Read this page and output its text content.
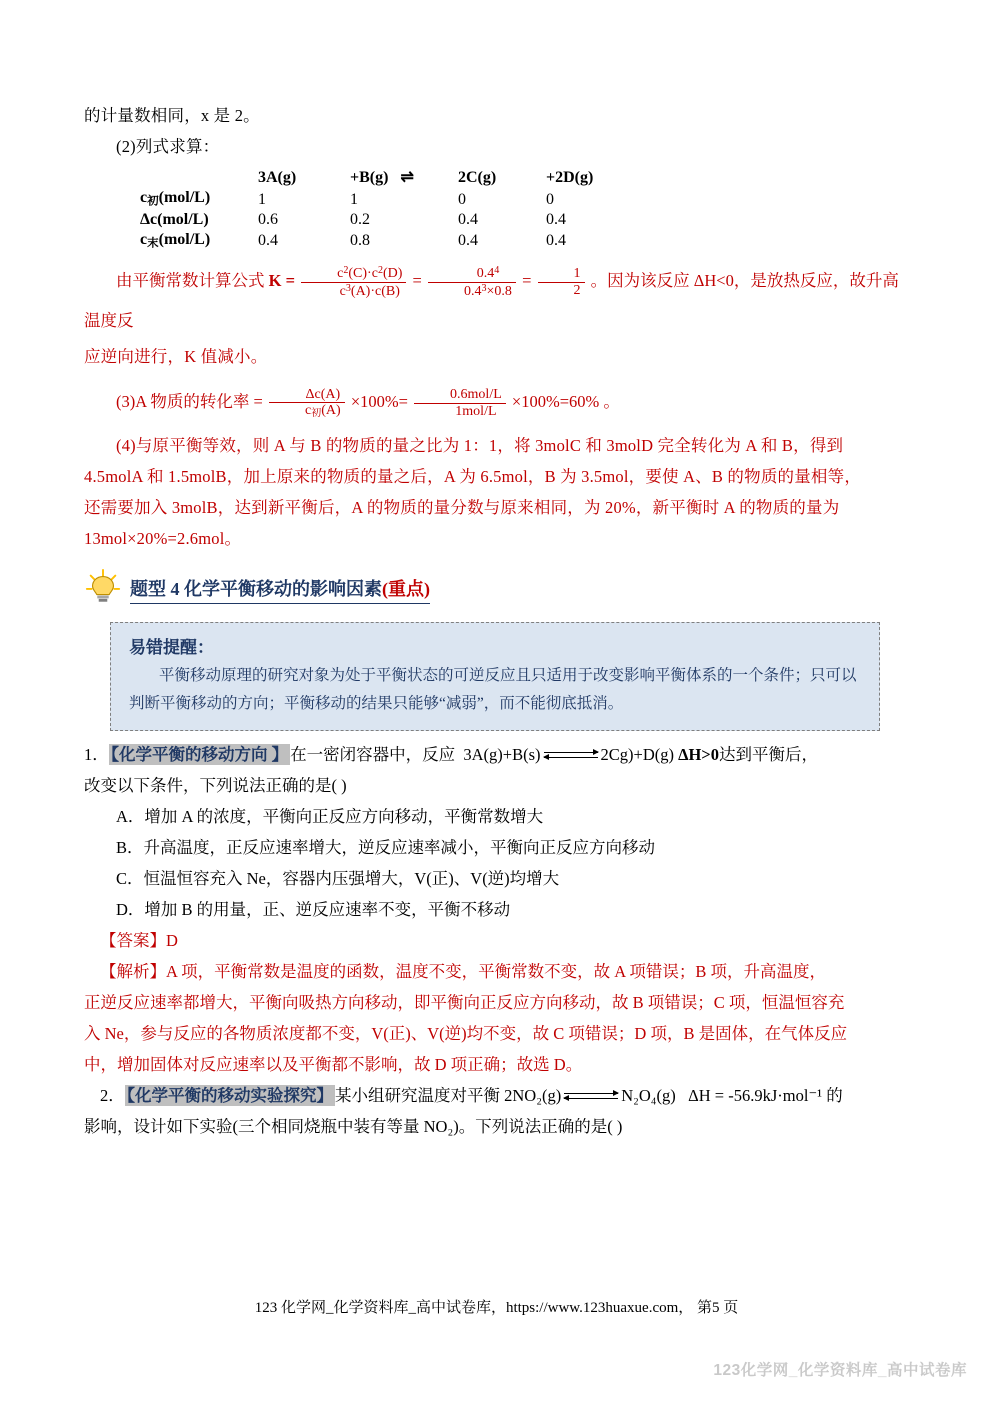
的计量数相同，x 是 2。

(2)列式求算：

	3A(g)	+B(g)   ⇌	2C(g)	+2D(g)
$c_初(mol/L)$	1	1	0	0
Δc(mol/L)	0.6	0.2	0.4	0.4
$c_末(mol/L)$	0.4	0.8	0.4	0.4

由平衡常数计算公式 $K = \frac{c^2(C)\cdot c^2(D)}{c^3(A)\cdot c(B)} = \frac{0.4^4}{0.4^3\times 0.8} = \frac{1}{2}$ 。因为该反应 ΔH<0，是放热反应，故升高温度反

应逆向进行，K 值减小。

(3)A 物质的转化率 = $\frac{\Delta c(A)}{c_初(A)} \times 100\%= \frac{\text{0.6mol/L}}{\text{1mol/L}} \times 100\%=60\%$ 。

(4)与原平衡等效，则 A 与 B 的物质的量之比为 1：1，将 3molC 和 3molD 完全转化为 A 和 B，得到

4.5molA 和 1.5molB，加上原来的物质的量之后，A 为 6.5mol，B 为 3.5mol，要使 A、B 的物质的量相等，

还需要加入 3molB，达到新平衡后，A 的物质的量分数与原来相同，为 20%，新平衡时 A 的物质的量为

13mol×20%=2.6mol。

题型 4 化学平衡移动的影响因素(重点)
易错提醒：
平衡移动原理的研究对象为处于平衡状态的可逆反应且只适用于改变影响平衡体系的一个条件；只可以判断平衡移动的方向；平衡移动的结果只能够“减弱”，而不能彻底抵消。

1． 【化学平衡的移动方向 】 在一密闭容器中，反应 3A(g)+B(s)	2Cg)+D(g) ΔH>0达到平衡后，

改变以下条件，下列说法正确的是( )

A．增加 A 的浓度，平衡向正反应方向移动，平衡常数增大

B．升高温度，正反应速率增大，逆反应速率减小，平衡向正反应方向移动

C．恒温恒容充入 Ne，容器内压强增大，V(正)、V(逆)均增大

D．增加 B 的用量，正、逆反应速率不变，平衡不移动

【答案】D

【解析】A 项，平衡常数是温度的函数，温度不变，平衡常数不变，故 A 项错误；B 项，升高温度，

正逆反应速率都增大，平衡向吸热方向移动，即平衡向正反应方向移动，故 B 项错误；C 项，恒温恒容充

入 Ne，参与反应的各物质浓度都不变，V(正)、V(逆)均不变，故 C 项错误；D 项，B 是固体，在气体反应

中，增加固体对反应速率以及平衡都不影响，故 D 项正确；故选 D。

2． 【化学平衡的移动实验探究】 某小组研究温度对平衡 2NO₂(g)	N₂O₄(g) ΔH = -56.9kJ·mol⁻¹ 的

影响，设计如下实验(三个相同烧瓶中装有等量 NO₂)。下列说法正确的是( )

123 化学网_化学资料库_高中试卷库，https://www.123huaxue.com， 第5 页
123化学网_化学资料库_高中试卷库
